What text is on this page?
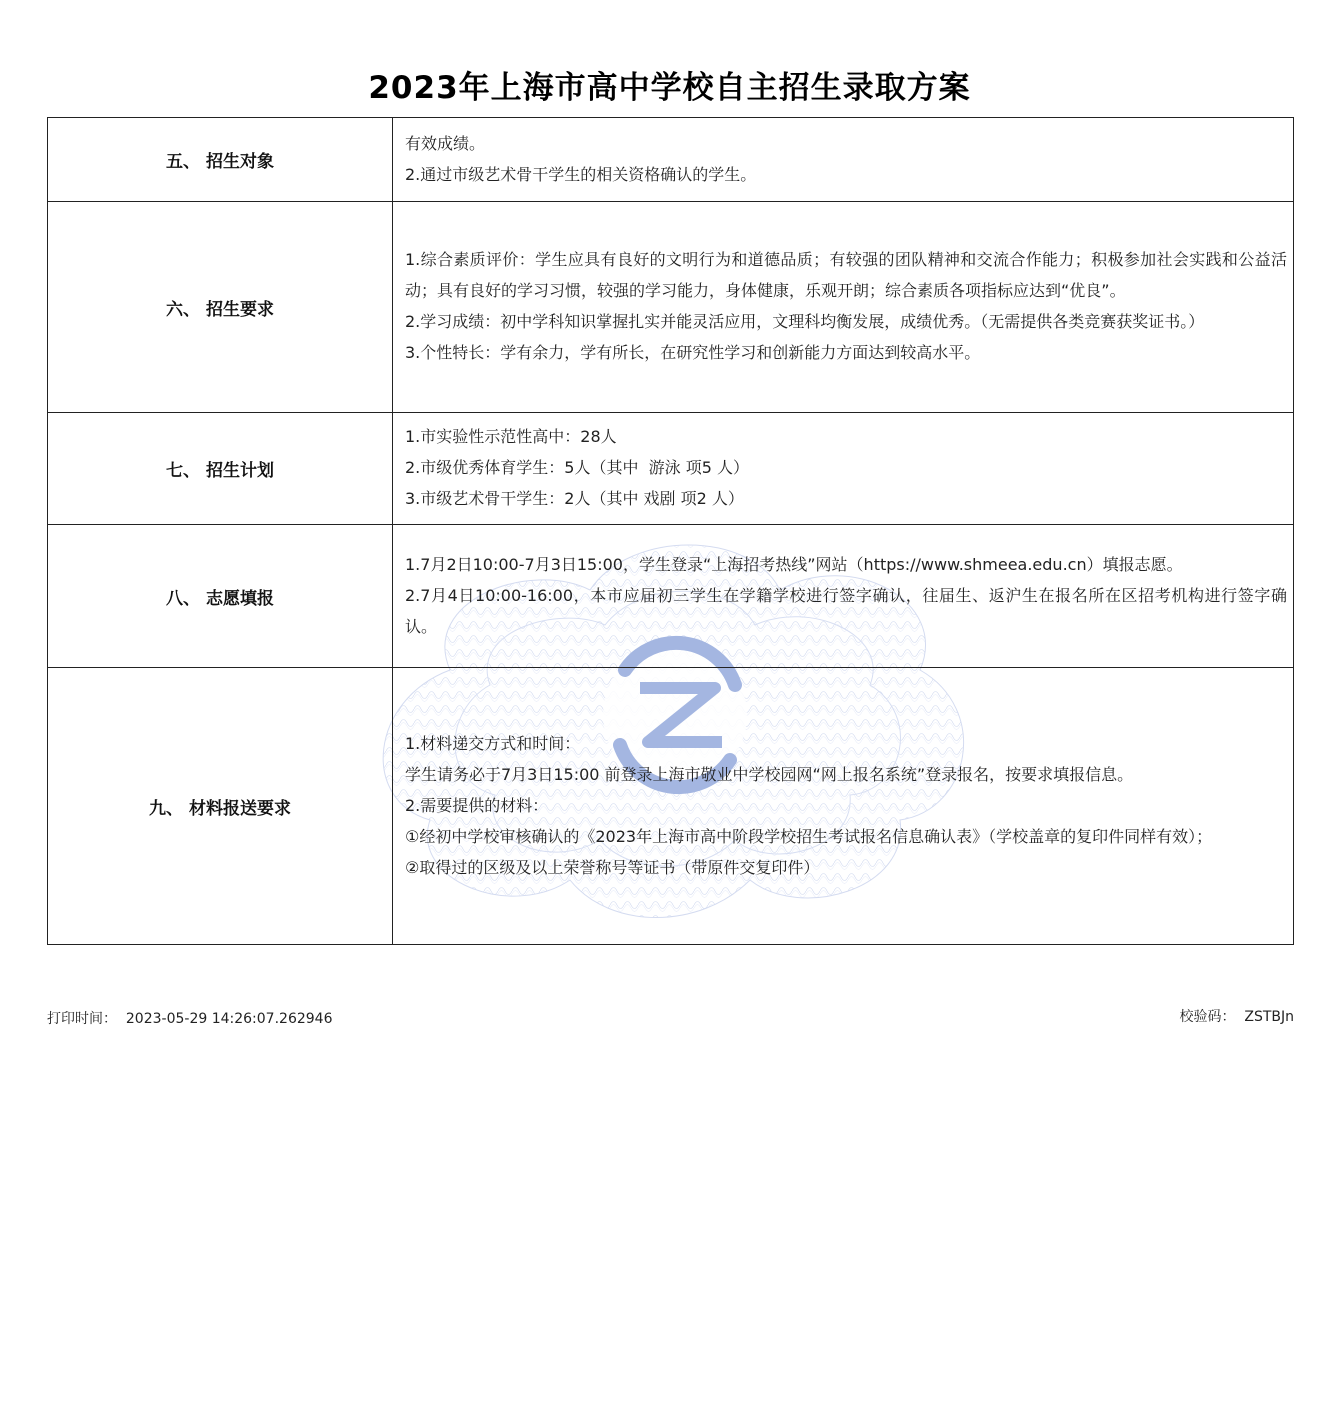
2023年上海市高中学校自主招生录取方案
五、 招生对象	有效成绩。

2.通过市级艺术骨干学生的相关资格确认的学生。

六、 招生要求	1.综合素质评价：学生应具有良好的文明行为和道德品质；有较强的团队精神和交流合作能力；积极参加社会实践和公益活动；具有良好的学习习惯，较强的学习能力，身体健康，乐观开朗；综合素质各项指标应达到“优良”。

2.学习成绩：初中学科知识掌握扎实并能灵活应用，文理科均衡发展，成绩优秀。（无需提供各类竞赛获奖证书。）

3.个性特长：学有余力，学有所长，在研究性学习和创新能力方面达到较高水平。

七、 招生计划	1.市实验性示范性高中：28人

2.市级优秀体育学生：5人（其中  游泳 项5 人）

3.市级艺术骨干学生：2人（其中 戏剧 项2 人）

八、 志愿填报	1.7月2日10:00-7月3日15:00，学生登录“上海招考热线”网站（https://www.shmeea.edu.cn）填报志愿。

2.7月4日10:00-16:00，本市应届初三学生在学籍学校进行签字确认，往届生、返沪生在报名所在区招考机构进行签字确认。

九、 材料报送要求	1.材料递交方式和时间：

学生请务必于7月3日15:00 前登录上海市敬业中学校园网“网上报名系统”登录报名，按要求填报信息。

2.需要提供的材料：

①经初中学校审核确认的《2023年上海市高中阶段学校招生考试报名信息确认表》（学校盖章的复印件同样有效）；

②取得过的区级及以上荣誉称号等证书（带原件交复印件）

打印时间：  2023-05-29 14:26:07.262946	校验码：  ZSTBJn
